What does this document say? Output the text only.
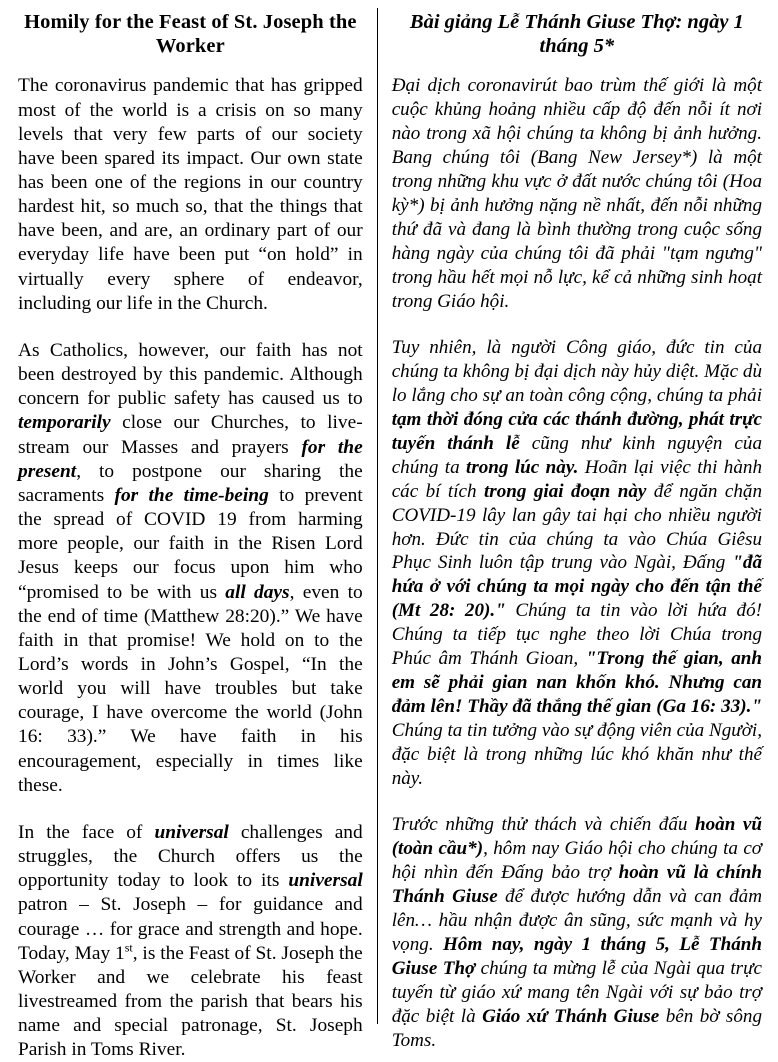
Homily for the Feast of St. Joseph the Worker

The coronavirus pandemic that has gripped most of the world is a crisis on so many levels that very few parts of our society have been spared its impact. Our own state has been one of the regions in our country hardest hit, so much so, that the things that have been, and are, an ordinary part of our everyday life have been put “on hold” in virtually every sphere of endeavor, including our life in the Church.

As Catholics, however, our faith has not been destroyed by this pandemic. Although concern for public safety has caused us to temporarily close our Churches, to live-stream our Masses and prayers for the present, to postpone our sharing the sacraments for the time-being to prevent the spread of COVID 19 from harming more people, our faith in the Risen Lord Jesus keeps our focus upon him who “promised to be with us all days, even to the end of time (Matthew 28:20).” We have faith in that promise! We hold on to the Lord’s words in John’s Gospel, “In the world you will have troubles but take courage, I have overcome the world (John 16: 33).” We have faith in his encouragement, especially in times like these.

In the face of universal challenges and struggles, the Church offers us the opportunity today to look to its universal patron – St. Joseph – for guidance and courage … for grace and strength and hope. Today, May 1st, is the Feast of St. Joseph the Worker and we celebrate his feast livestreamed from the parish that bears his name and special patronage, St. Joseph Parish in Toms River.

Bài giảng Lễ Thánh Giuse Thợ: ngày 1 tháng 5*

Đại dịch coronavirút bao trùm thế giới là một cuộc khủng hoảng nhiều cấp độ đến nỗi ít nơi nào trong xã hội chúng ta không bị ảnh hưởng. Bang chúng tôi (Bang New Jersey*) là một trong những khu vực ở đất nước chúng tôi (Hoa kỳ*) bị ảnh hưởng nặng nề nhất, đến nỗi những thứ đã và đang là bình thường trong cuộc sống hàng ngày của chúng tôi đã phải "tạm ngưng" trong hầu hết mọi nỗ lực, kể cả những sinh hoạt trong Giáo hội.

Tuy nhiên, là người Công giáo, đức tin của chúng ta không bị đại dịch này hủy diệt. Mặc dù lo lắng cho sự an toàn công cộng, chúng ta phải tạm thời đóng cửa các thánh đường, phát trực tuyến thánh lễ cũng như kinh nguyện của chúng ta trong lúc này. Hoãn lại việc thi hành các bí tích trong giai đoạn này để ngăn chặn COVID-19 lây lan gây tai hại cho nhiều người hơn. Đức tin của chúng ta vào Chúa Giêsu Phục Sinh luôn tập trung vào Ngài, Đấng "đã hứa ở với chúng ta mọi ngày cho đến tận thế (Mt 28: 20)." Chúng ta tin vào lời hứa đó! Chúng ta tiếp tục nghe theo lời Chúa trong Phúc âm Thánh Gioan, "Trong thế gian, anh em sẽ phải gian nan khốn khó. Nhưng can đảm lên! Thầy đã thắng thế gian (Ga 16: 33)." Chúng ta tin tưởng vào sự động viên của Người, đặc biệt là trong những lúc khó khăn như thế này.

Trước những thử thách và chiến đấu hoàn vũ (toàn cầu*), hôm nay Giáo hội cho chúng ta cơ hội nhìn đến Đấng bảo trợ hoàn vũ là chính Thánh Giuse để được hướng dẫn và can đảm lên… hầu nhận được ân sũng, sức mạnh và hy vọng. Hôm nay, ngày 1 tháng 5, Lễ Thánh Giuse Thợ chúng ta mừng lễ của Ngài qua trực tuyến từ giáo xứ mang tên Ngài với sự bảo trợ đặc biệt là Giáo xứ Thánh Giuse bên bờ sông Toms.
